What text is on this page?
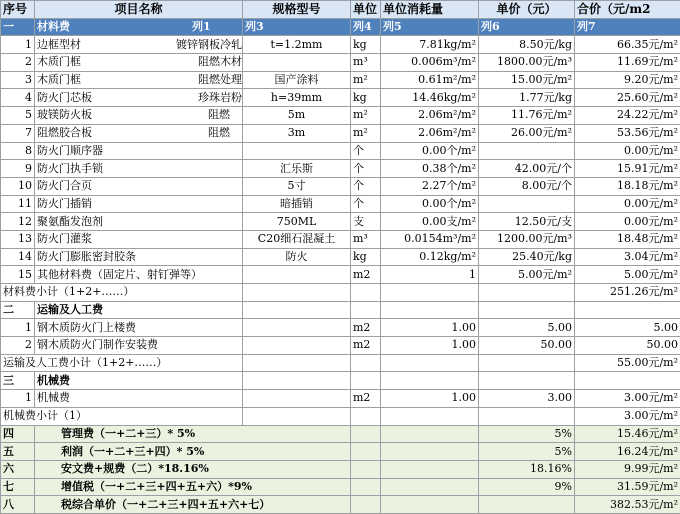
序号	项目名称	规格型号	单位	单位消耗量	单价（元）	合价（元/m2
一	材料费 列1	列3	列4	列5	列6	列7
1	边框型材 镀锌钢板冷轧	t=1.2mm	kg	7.81kg/m²	8.50元/kg	66.35元/m²
2	木质门框 阻燃木材		m³	0.006m³/m²	1800.00元/m³	11.69元/m²
3	木质门框 阻燃处理	国产涂料	m²	0.61m²/m²	15.00元/m²	9.20元/m²
4	防火门芯板 珍珠岩粉	h=39mm	kg	14.46kg/m²	1.77元/kg	25.60元/m²
5	玻镁防火板 阻燃	5m	m²	2.06m²/m²	11.76元/m²	24.22元/m²
7	阻燃胶合板 阻燃	3m	m²	2.06m²/m²	26.00元/m²	53.56元/m²
8	防火门顺序器		个	0.00个/m²		0.00元/m²
9	防火门执手锁	汇乐斯	个	0.38个/m²	42.00元/个	15.91元/m²
10	防火门合页	5寸	个	2.27个/m²	8.00元/个	18.18元/m²
11	防火门插销	暗插销	个	0.00个/m²		0.00元/m²
12	聚氨酯发泡剂	750ML	支	0.00支/m²	12.50元/支	0.00元/m²
13	防火门灌浆	C20细石混凝土	m³	0.0154m³/m²	1200.00元/m³	18.48元/m²
14	防火门膨胀密封胶条	防火	kg	0.12kg/m²	25.40元/kg	3.04元/m²
15	其他材料费（固定片、射钉弹等）		m2	1	5.00元/m²	5.00元/m²
材料费小计（1+2+……）						251.26元/m²
二	运输及人工费					
1	钢木质防火门上楼费		m2	1.00	5.00	5.00
2	钢木质防火门制作安装费		m2	1.00	50.00	50.00
运输及人工费小计（1+2+……）						55.00元/m²
三	机械费					
1	机械费		m2	1.00	3.00	3.00元/m²
机械费小计（1）						3.00元/m²
四	管理费（一+二+三）* 5%				5%	15.46元/m²
五	利润（一+二+三+四）* 5%				5%	16.24元/m²
六	安文费+规费（二）*18.16%				18.16%	9.99元/m²
七	增值税（一+二+三+四+五+六）*9%				9%	31.59元/m²
八	税综合单价（一+二+三+四+五+六+七）					382.53元/m²
